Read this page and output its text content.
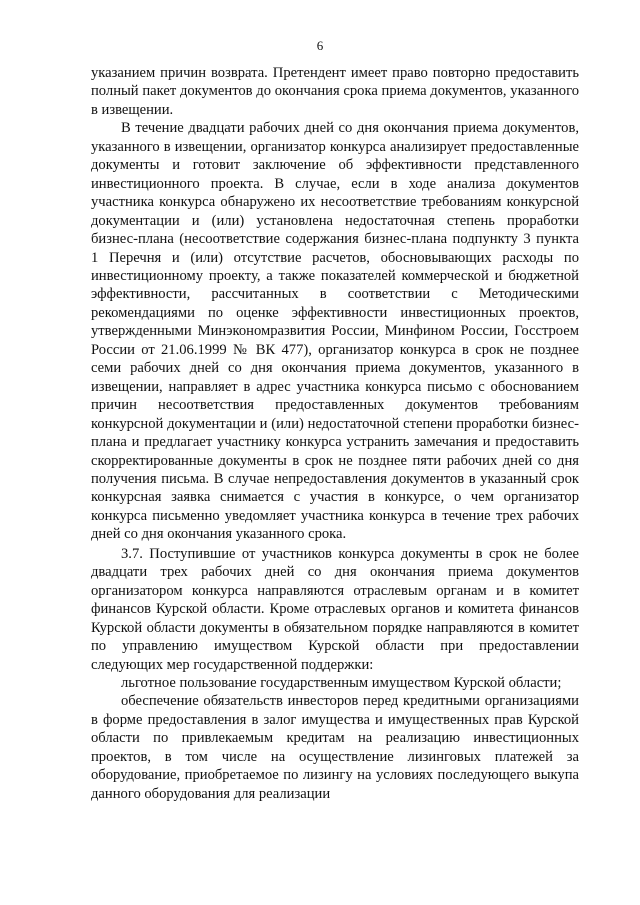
6

указанием причин возврата. Претендент имеет право повторно предоставить полный пакет документов до окончания срока приема документов, указанного в извещении.

В течение двадцати рабочих дней со дня окончания приема документов, указанного в извещении, организатор конкурса анализирует предоставленные документы и готовит заключение об эффективности представленного инвестиционного проекта. В случае, если в ходе анализа документов участника конкурса обнаружено их несоответствие требованиям конкурсной документации и (или) установлена недостаточная степень проработки бизнес-плана (несоответствие содержания бизнес-плана подпункту 3 пункта 1 Перечня и (или) отсутствие расчетов, обосновывающих расходы по инвестиционному проекту, а также показателей коммерческой и бюджетной эффективности, рассчитанных в соответствии с Методическими рекомендациями по оценке эффективности инвестиционных проектов, утвержденными Минэкономразвития России, Минфином России, Госстроем России от 21.06.1999 № ВК 477), организатор конкурса в срок не позднее семи рабочих дней со дня окончания приема документов, указанного в извещении, направляет в адрес участника конкурса письмо с обоснованием причин несоответствия предоставленных документов требованиям конкурсной документации и (или) недостаточной степени проработки бизнес-плана и предлагает участнику конкурса устранить замечания и предоставить скорректированные документы в срок не позднее пяти рабочих дней со дня получения письма. В случае непредоставления документов в указанный срок конкурсная заявка снимается с участия в конкурсе, о чем организатор конкурса письменно уведомляет участника конкурса в течение трех рабочих дней со дня окончания указанного срока.

3.7. Поступившие от участников конкурса документы в срок не более двадцати трех рабочих дней со дня окончания приема документов организатором конкурса направляются отраслевым органам и в комитет финансов Курской области. Кроме отраслевых органов и комитета финансов Курской области документы в обязательном порядке направляются в комитет по управлению имуществом Курской области при предоставлении следующих мер государственной поддержки:

льготное пользование государственным имуществом Курской области;

обеспечение обязательств инвесторов перед кредитными организациями в форме предоставления в залог имущества и имущественных прав Курской области по привлекаемым кредитам на реализацию инвестиционных проектов, в том числе на осуществление лизинговых платежей за оборудование, приобретаемое по лизингу на условиях последующего выкупа данного оборудования для реализации
